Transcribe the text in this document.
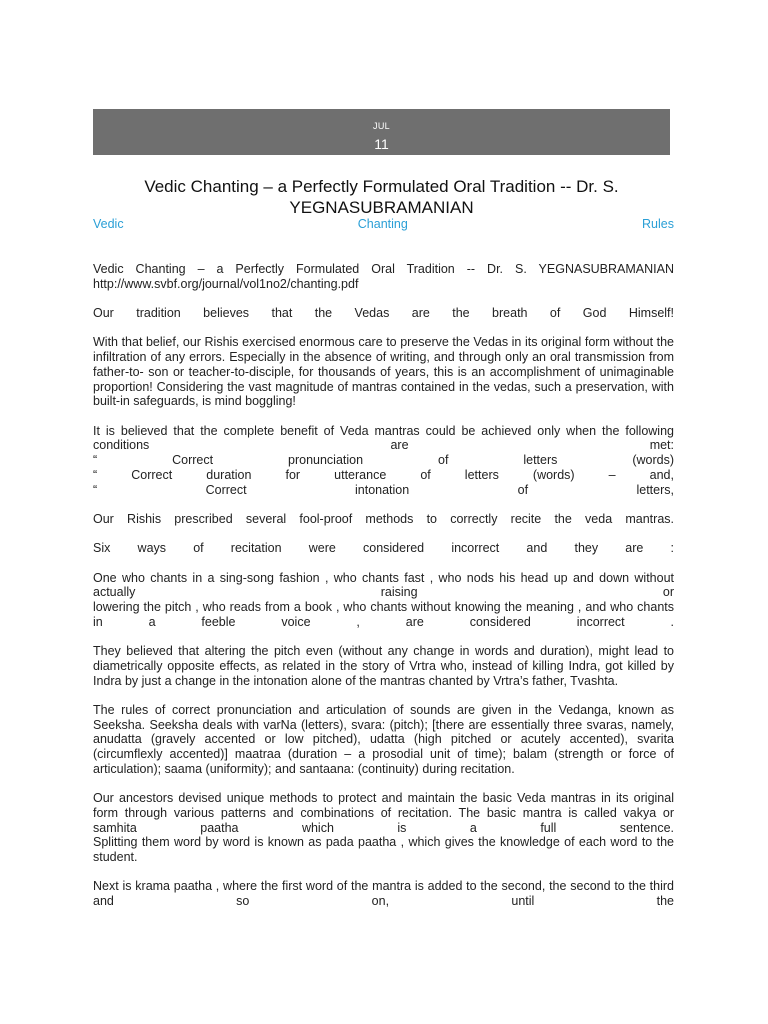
JUL
11
Vedic Chanting – a Perfectly Formulated Oral Tradition -- Dr. S. YEGNASUBRAMANIAN
Vedic	Chanting	Rules

Vedic Chanting – a Perfectly Formulated Oral Tradition -- Dr. S. YEGNASUBRAMANIAN
http://www.svbf.org/journal/vol1no2/chanting.pdf

Our tradition believes that the Vedas are the breath of God Himself!

With that belief, our Rishis exercised enormous care to preserve the Vedas in its original form without the infiltration of any errors. Especially in the absence of writing, and through only an oral transmission from father-to- son or teacher-to-disciple, for thousands of years, this is an accomplishment of unimaginable proportion! Considering the vast magnitude of mantras contained in the vedas, such a preservation, with built-in safeguards, is mind boggling!

It is believed that the complete benefit of Veda mantras could be achieved only when the following conditions are met:
“ Correct pronunciation of letters (words)
“ Correct duration for utterance of letters (words) – and,
“ Correct intonation of letters,

Our Rishis prescribed several fool-proof methods to correctly recite the veda mantras.

Six ways of recitation were considered incorrect and they are :

One who chants in a sing-song fashion , who chants fast , who nods his head up and down without actually raising or
lowering the pitch , who reads from a book , who chants without knowing the meaning , and who chants in a feeble voice , are considered incorrect .

They believed that altering the pitch even (without any change in words and duration), might lead to diametrically opposite effects, as related in the story of Vrtra who, instead of killing Indra, got killed by Indra by just a change in the intonation alone of the mantras chanted by Vrtra’s father, Tvashta.

The rules of correct pronunciation and articulation of sounds are given in the Vedanga, known as Seeksha. Seeksha deals with varNa (letters), svara: (pitch); [there are essentially three svaras, namely, anudatta (gravely accented or low pitched), udatta (high pitched or acutely accented), svarita (circumflexly accented)] maatraa (duration – a prosodial unit of time); balam (strength or force of articulation); saama (uniformity); and santaana: (continuity) during recitation.

Our ancestors devised unique methods to protect and maintain the basic Veda mantras in its original form through various patterns and combinations of recitation. The basic mantra is called vakya or samhita paatha which is a full sentence.
Splitting them word by word is known as pada paatha , which gives the knowledge of each word to the student.

Next is krama paatha , where the first word of the mantra is added to the second, the second to the third and so on, until the
